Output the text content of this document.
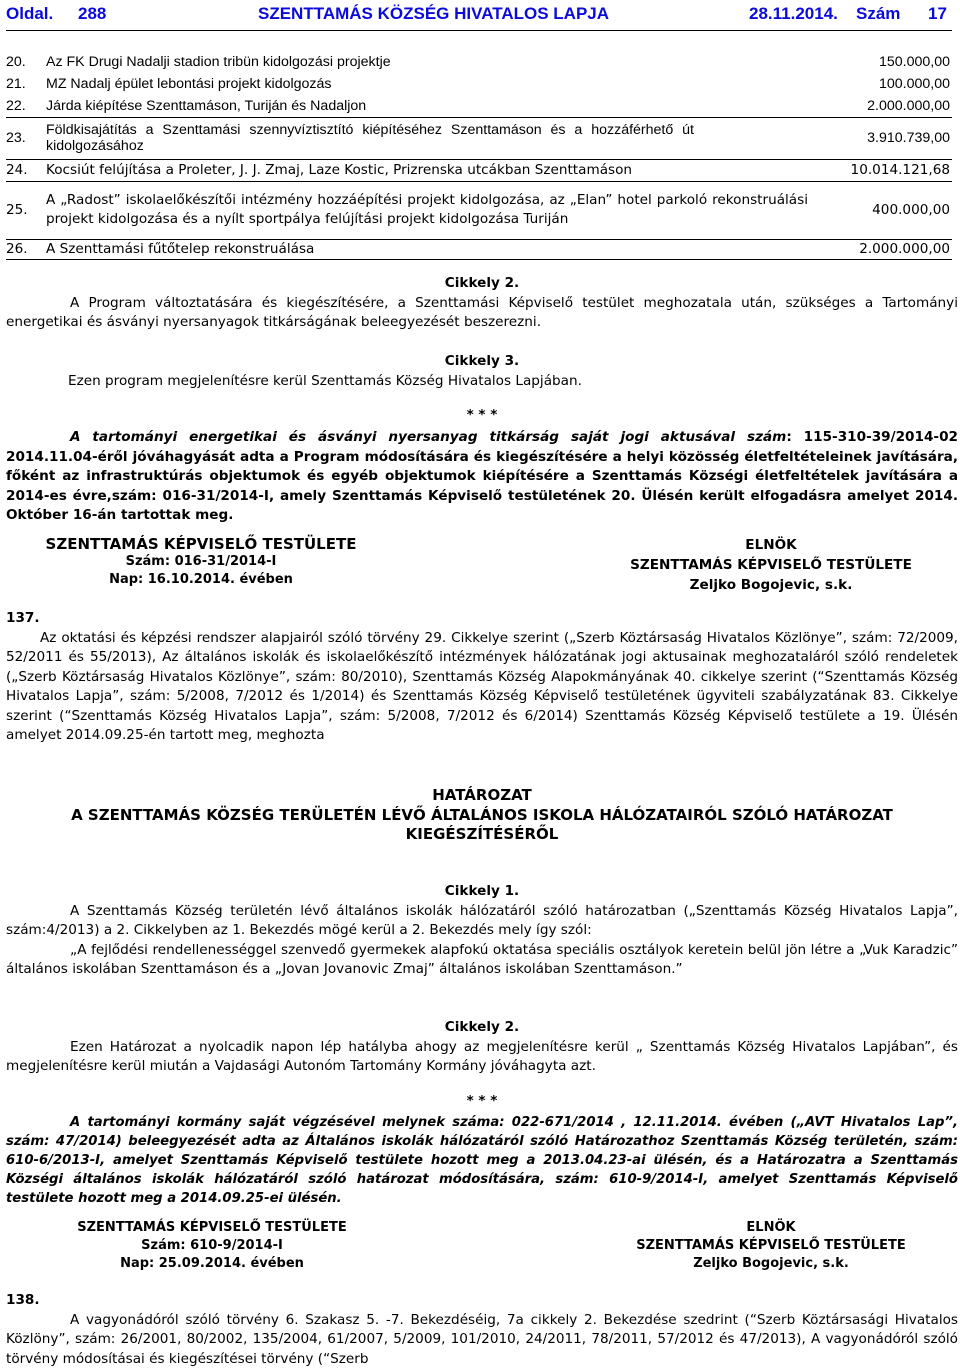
Oldal. 288	SZENTTAMÁS KÖZSÉG HIVATALOS LAPJA	28.11.2014. Szám 17
20.	Az FK Drugi Nadalji stadion tribün kidolgozási projektje	150.000,00
21.	MZ Nadalj épület lebontási projekt kidolgozás	100.000,00
22.	Járda kiépítése Szenttamáson, Turiján és Nadaljon	2.000.000,00
23.	Földkisajátítás a Szenttamási szennyvíztisztító kiépítéséhez Szenttamáson és a hozzáférhető út kidolgozásához	3.910.739,00
24.	Kocsiút felújítása a Proleter, J. J. Zmaj, Laze Kostic, Prizrenska utcákban Szenttamáson	10.014.121,68
25.	A „Radost” iskolaelőkészítői intézmény hozzáépítési projekt kidolgozása, az „Elan” hotel parkoló rekonstruálási projekt kidolgozása és a nyílt sportpálya felújítási projekt kidolgozása Turiján	400.000,00
26.	A Szenttamási fűtőtelep rekonstruálása	2.000.000,00

Cikkely 2.

A Program változtatására és kiegészítésére, a Szenttamási Képviselő testület meghozatala után, szükséges a Tartományi energetikai és ásványi nyersanyagok titkárságának beleegyezését beszerezni.

Cikkely 3.

Ezen program megjelenítésre kerül Szenttamás Község Hivatalos Lapjában.

* * *

A tartományi energetikai és ásványi nyersanyag titkárság saját jogi aktusával szám: 115-310-39/2014-02 2014.11.04-éről jóváhagyását adta a Program módosítására és kiegészítésére a helyi közösség életfeltételeinek javítására, főként az infrastruktúrás objektumok és egyéb objektumok kiépítésére a Szenttamás Községi életfeltételek javítására a 2014-es évre,szám: 016-31/2014-I, amely Szenttamás Képviselő testületének 20. Ülésén került elfogadásra amelyet 2014. Október 16-án tartottak meg.

SZENTTAMÁS KÉPVISELŐ TESTÜLETE
Szám: 016-31/2014-I
Nap: 16.10.2014. évében
ELNÖK
SZENTTAMÁS KÉPVISELŐ TESTÜLETE
Zeljko Bogojevic, s.k.

137.

Az oktatási és képzési rendszer alapjairól szóló törvény 29. Cikkelye szerint („Szerb Köztársaság Hivatalos Közlönye”, szám: 72/2009, 52/2011 és 55/2013), Az általános iskolák és iskolaelőkészítő intézmények hálózatának jogi aktusainak meghozataláról szóló rendeletek („Szerb Köztársaság Hivatalos Közlönye”, szám: 80/2010), Szenttamás Község Alapokmányának 40. cikkelye szerint (“Szenttamás Község Hivatalos Lapja”, szám: 5/2008, 7/2012 és 1/2014) és Szenttamás Község Képviselő testületének ügyviteli szabályzatának 83. Cikkelye szerint (“Szenttamás Község Hivatalos Lapja”, szám: 5/2008, 7/2012 és 6/2014) Szenttamás Község Képviselő testülete a 19. Ülésén amelyet 2014.09.25-én tartott meg, meghozta

HATÁROZAT

A SZENTTAMÁS KÖZSÉG TERÜLETÉN LÉVŐ ÁLTALÁNOS ISKOLA HÁLÓZATAIRÓL SZÓLÓ HATÁROZAT KIEGÉSZÍTÉSÉRŐL

Cikkely 1.

A Szenttamás Község területén lévő általános iskolák hálózatáról szóló határozatban („Szenttamás Község Hivatalos Lapja”, szám:4/2013) a 2. Cikkelyben az 1. Bekezdés mögé kerül a 2. Bekezdés mely így szól:

„A fejlődési rendellenességgel szenvedő gyermekek alapfokú oktatása speciális osztályok keretein belül jön létre a „Vuk Karadzic” általános iskolában Szenttamáson és a „Jovan Jovanovic Zmaj” általános iskolában Szenttamáson.”

Cikkely 2.

Ezen Határozat a nyolcadik napon lép hatályba ahogy az megjelenítésre kerül „ Szenttamás Község Hivatalos Lapjában”, és megjelenítésre kerül miután a Vajdasági Autonóm Tartomány Kormány jóváhagyta azt.

* * *

A tartományi kormány saját végzésével melynek száma: 022-671/2014 , 12.11.2014. évében („AVT Hivatalos Lap”, szám: 47/2014) beleegyezését adta az Általános iskolák hálózatáról szóló Határozathoz Szenttamás Község területén, szám: 610-6/2013-I, amelyet Szenttamás Képviselő testülete hozott meg a 2013.04.23-ai ülésén, és a Határozatra a Szenttamás Községi általános iskolák hálózatáról szóló határozat módosítására, szám: 610-9/2014-I, amelyet Szenttamás Képviselő testülete hozott meg a 2014.09.25-ei ülésén.

SZENTTAMÁS KÉPVISELŐ TESTÜLETE
Szám: 610-9/2014-I
Nap: 25.09.2014. évében
ELNÖK
SZENTTAMÁS KÉPVISELŐ TESTÜLETE
Zeljko Bogojevic, s.k.

138.

A vagyonádóról szóló törvény 6. Szakasz 5. -7. Bekezdéséig, 7a cikkely 2. Bekezdése szedrint (“Szerb Köztársasági Hivatalos Közlöny”, szám: 26/2001, 80/2002, 135/2004, 61/2007, 5/2009, 101/2010, 24/2011, 78/2011, 57/2012 és 47/2013), A vagyonádóról szóló törvény módosításai és kiegészítései törvény (“Szerb
